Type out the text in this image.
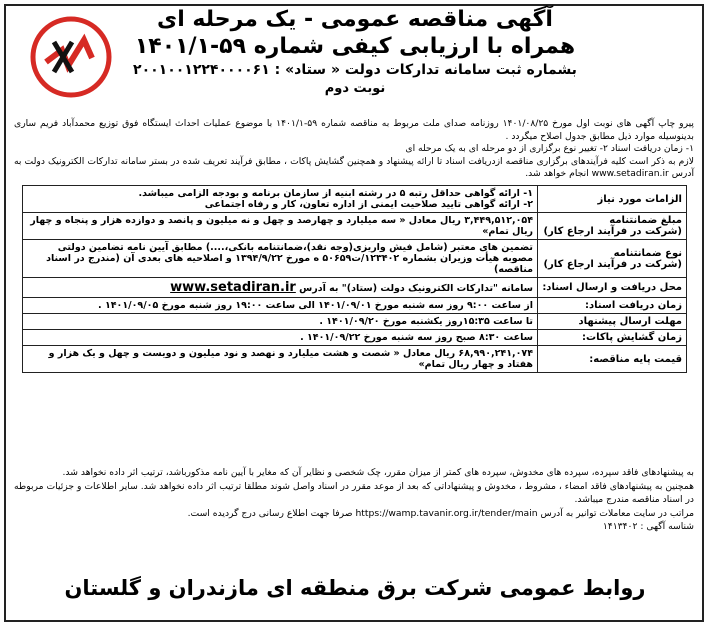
آگهی مناقصه عمومی - یک مرحله ای
همراه با ارزیابی کیفی شماره ۵۹-۱۴۰۱/۱
بشماره ثبت سامانه تدارکات دولت « ستاد» : ۲۰۰۱۰۰۱۲۲۴۰۰۰۰۶۱
نوبت دوم

پیرو چاپ آگهی های نوبت اول مورخ ۱۴۰۱/۰۸/۲۵ روزنامه صدای ملت مربوط به مناقصه شماره ۵۹-۱۴۰۱/۱ با موضوع عملیات احداث ایستگاه فوق توزیع محمدآباد فریم ساری بدینوسیله موارد ذیل مطابق جدول اصلاح میگردد .

۱- زمان دریافت اسناد ۲- تغییر نوع برگزاری از دو مرحله ای به یک مرحله ای

لازم به ذکر است کلیه فرآیندهای برگزاری مناقصه ازدریافت اسناد تا ارائه پیشنهاد و همچنین گشایش پاکات ، مطابق فرآیند تعریف شده در بستر سامانه تدارکات الکترونیک دولت به آدرس www.setadiran.ir انجام خواهد شد.

الزامات مورد نیاز	۱- ارائه گواهی حداقل رتبه ۵ در رشته ابنیه از سازمان برنامه و بودجه الزامی میباشد.
۲- ارائه گواهی تایید صلاحیت ایمنی از اداره تعاون، کار و رفاه اجتماعی

مبلغ ضمانتنامه
(شرکت در فرآیند ارجاع کار)	۳,۴۴۹,۵۱۲,۰۵۴ ریال معادل « سه میلیارد و چهارصد و چهل و نه میلیون و پانصد و دوازده هزار و پنجاه و چهار ریال تمام»

نوع ضمانتنامه
(شرکت در فرآیند ارجاع کار)	تضمین های معتبر (شامل فیش واریزی(وجه نقد)،ضمانتنامه بانکی،....) مطابق آیین نامه تضامین دولتی مصوبه هیأت وزیران بشماره ۱۲۳۴۰۲/ت۵۰۶۵۹ ه مورخ ۱۳۹۴/۹/۲۲ و اصلاحیه های بعدی آن (مندرج در اسناد مناقصه)
محل دریافت و ارسال اسناد:	سامانه "تدارکات الکترونیک دولت (ستاد)" به آدرس www.setadiran.ir
زمان دریافت اسناد:	از ساعت ۹:۰۰ روز سه شنبه مورخ ۱۴۰۱/۰۹/۰۱ الی ساعت ۱۹:۰۰ روز شنبه مورخ ۱۴۰۱/۰۹/۰۵ .
مهلت ارسال پیشنهاد	تا ساعت ۱۵:۳۵روز یکشنبه مورخ ۱۴۰۱/۰۹/۲۰ .
زمان گشایش پاکات:	ساعت ۸:۳۰ صبح روز سه شنبه مورخ ۱۴۰۱/۰۹/۲۲ .
قیمت پایه مناقصه:	۶۸,۹۹۰,۲۴۱,۰۷۴ ریال معادل « شصت و هشت میلیارد و نهصد و نود میلیون و دویست و چهل و یک هزار و هفتاد و چهار ریال تمام»

به پیشنهادهای فاقد سپرده، سپرده های مخدوش، سپرده های کمتر از میزان مقرر، چک شخصی و نظایر آن که مغایر با آیین نامه مذکورباشد، ترتیب اثر داده نخواهد شد.

همچنین به پیشنهادهای فاقد امضاء ، مشروط ، مخدوش و پیشنهاداتی که بعد از موعد مقرر در اسناد واصل شوند مطلقا ترتیب اثر داده نخواهد شد. سایر اطلاعات و جزئیات مربوطه در اسناد مناقصه مندرج میباشد.

مراتب در سایت معاملات توانیر به آدرس https://wamp.tavanir.org.ir/tender/main صرفا جهت اطلاع رسانی درج گردیده است.

شناسه آگهی : ۱۴۱۳۴۰۲

روابط عمومی شرکت برق منطقه ای مازندران و گلستان
